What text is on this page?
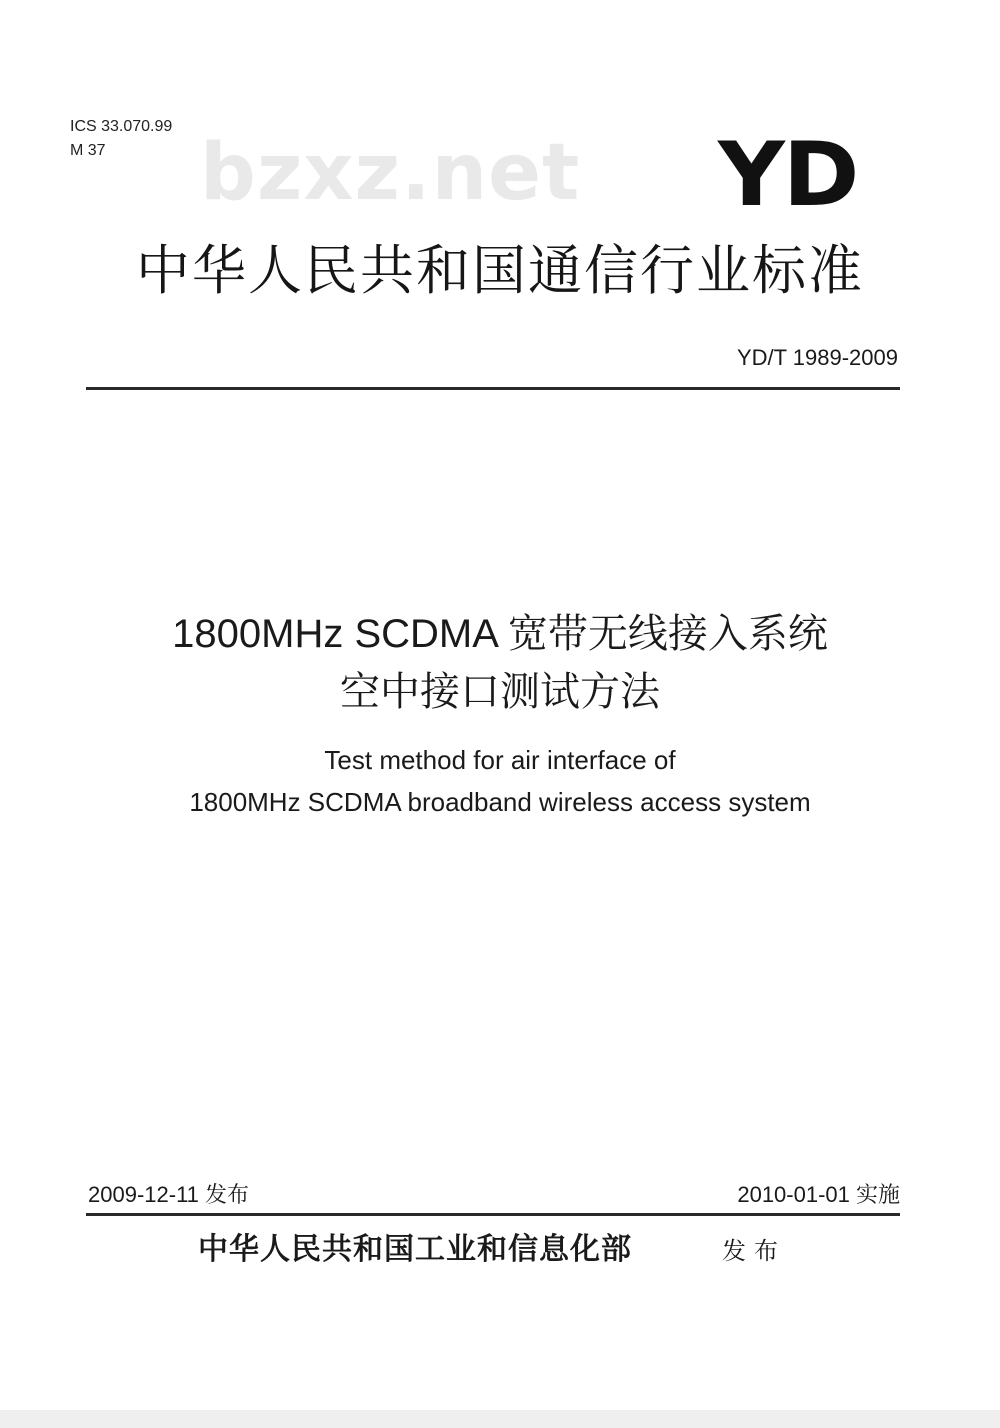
ICS 33.070.99
M 37 bzxz.net YD
中华人民共和国通信行业标准
YD/T 1989-2009
1800MHz SCDMA 宽带无线接入系统
空中接口测试方法
Test method for air interface of
1800MHz SCDMA broadband wireless access system
2009-12-11 发布	2010-01-01 实施
中华人民共和国工业和信息化部	发布
